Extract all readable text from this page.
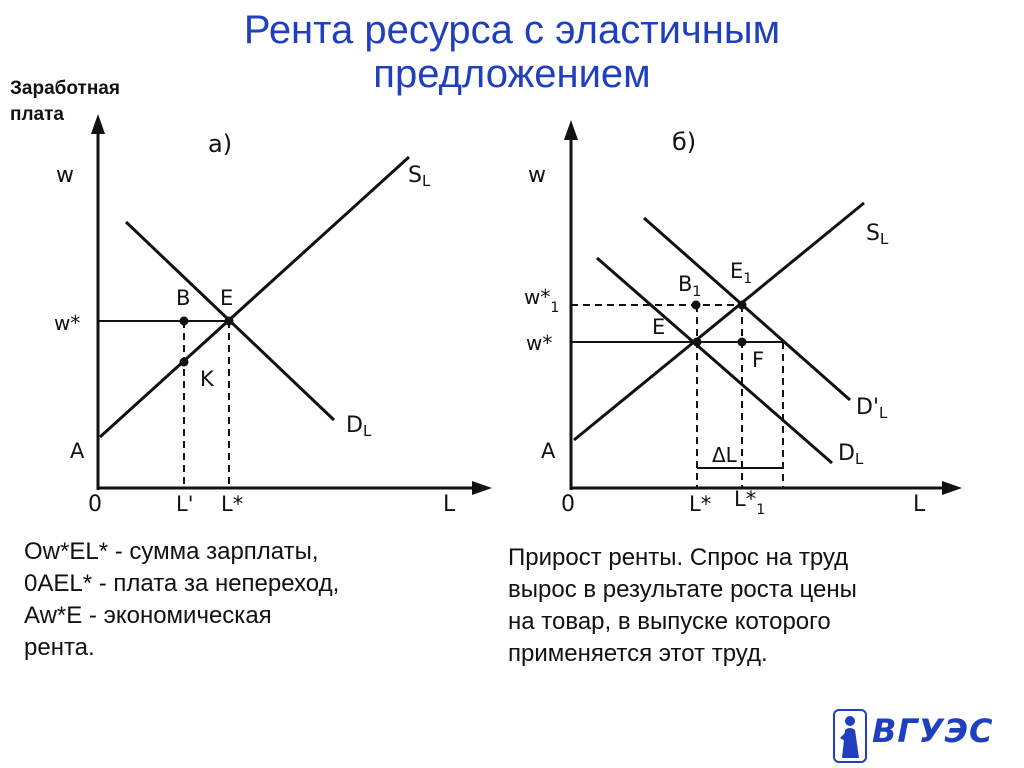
Рента ресурса с эластичным
предложением
Заработная
плата
а)
w
L
0
SL
DL
w*
B E
K
A
L' L*
б)
w
L
0
SL
DL
D'L
$w*_1$
w*
$B_1$
$E_1$
E
F
A	ΔL
L* $L*_1$
Оw*EL* - сумма зарплаты,
0AEL* - плата за непереход,
Aw*E - экономическая
рента.
Прирост ренты. Спрос на труд
вырос в результате роста цены
на товар, в выпуске которого
применяется этот труд.
ВГУЭС
